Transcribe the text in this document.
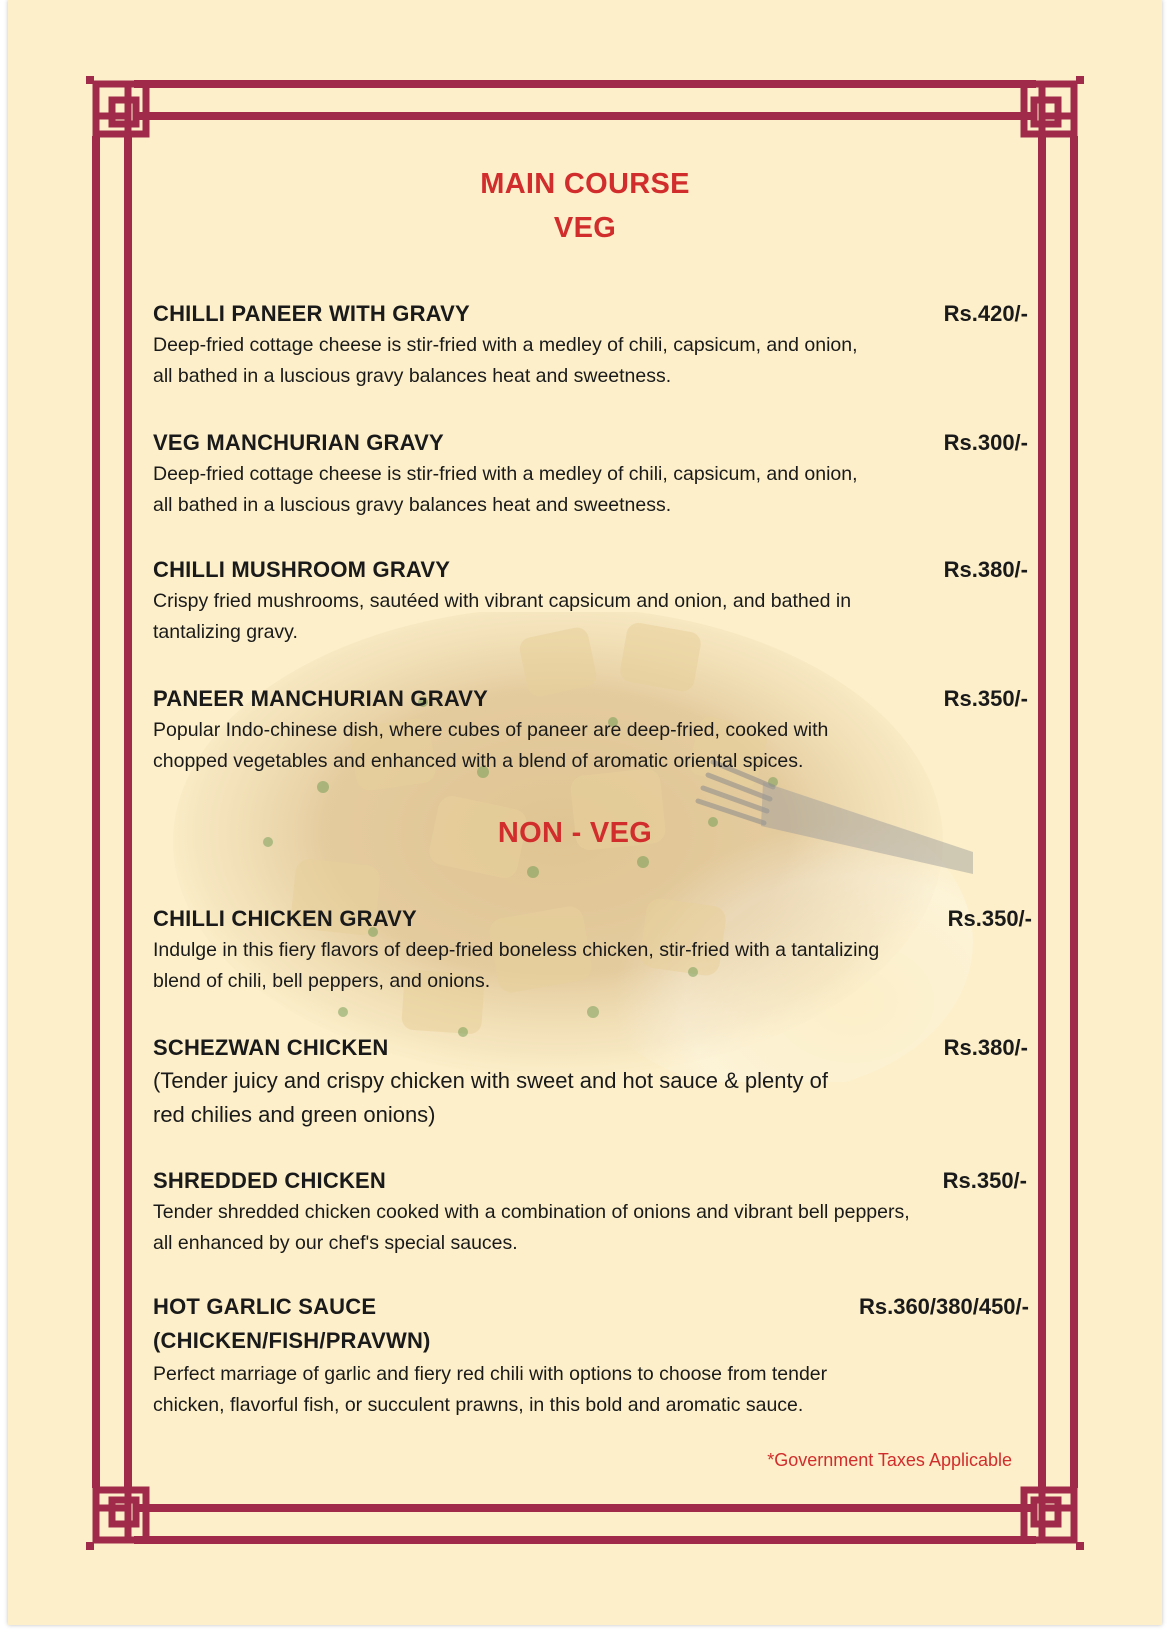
MAIN COURSE
VEG
CHILLI PANEER WITH GRAVY	Rs.420/-
Deep-fried cottage cheese is stir-fried with a medley of chili, capsicum, and onion,
all bathed in a luscious gravy balances heat and sweetness.
VEG MANCHURIAN GRAVY	Rs.300/-
Deep-fried cottage cheese is stir-fried with a medley of chili, capsicum, and onion,
all bathed in a luscious gravy balances heat and sweetness.
CHILLI MUSHROOM GRAVY	Rs.380/-
Crispy fried mushrooms, sautéed with vibrant capsicum and onion, and bathed in
tantalizing gravy.
PANEER MANCHURIAN GRAVY	Rs.350/-
Popular Indo-chinese dish, where cubes of paneer are deep-fried, cooked with
chopped vegetables and enhanced with a blend of aromatic oriental spices.
NON - VEG
CHILLI CHICKEN GRAVY	Rs.350/-
Indulge in this fiery flavors of deep-fried boneless chicken, stir-fried with a tantalizing
blend of chili, bell peppers, and onions.
SCHEZWAN CHICKEN	Rs.380/-
(Tender juicy and crispy chicken with sweet and hot sauce & plenty of
red chilies and green onions)
SHREDDED CHICKEN	Rs.350/-
Tender shredded chicken cooked with a combination of onions and vibrant bell peppers,
all enhanced by our chef's special sauces.
HOT GARLIC SAUCE	Rs.360/380/450/-
(CHICKEN/FISH/PRAVWN)
Perfect marriage of garlic and fiery red chili with options to choose from tender
chicken, flavorful fish, or succulent prawns, in this bold and aromatic sauce.
*Government Taxes Applicable
